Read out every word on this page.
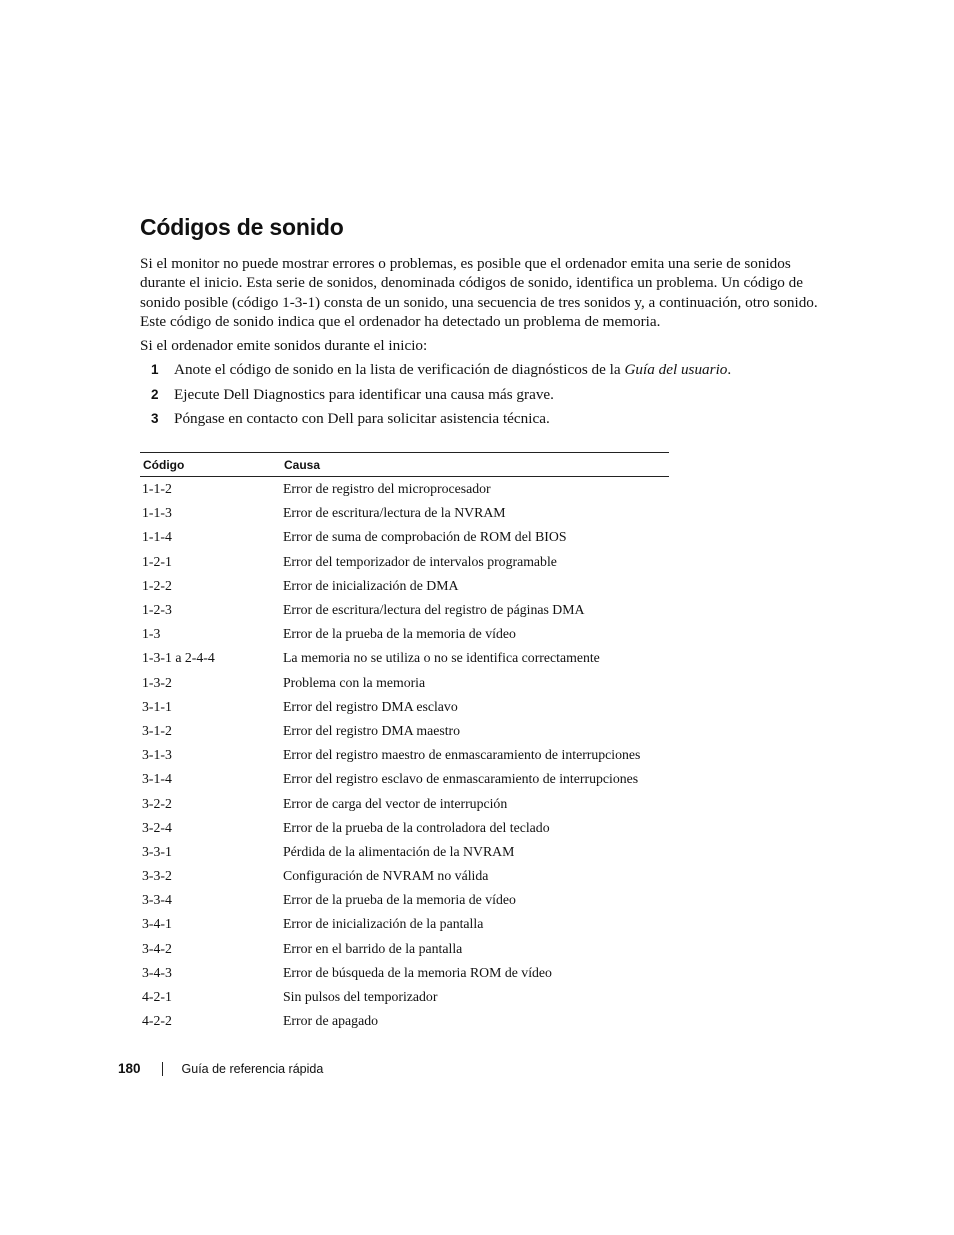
Códigos de sonido

Si el monitor no puede mostrar errores o problemas, es posible que el ordenador emita una serie de sonidos durante el inicio. Esta serie de sonidos, denominada códigos de sonido, identifica un problema. Un código de sonido posible (código 1-3-1) consta de un sonido, una secuencia de tres sonidos y, a continuación, otro sonido. Este código de sonido indica que el ordenador ha detectado un problema de memoria.

Si el ordenador emite sonidos durante el inicio:

1	Anote el código de sonido en la lista de verificación de diagnósticos de la Guía del usuario.
2	Ejecute Dell Diagnostics para identificar una causa más grave.
3	Póngase en contacto con Dell para solicitar asistencia técnica.
Código	Causa
1-1-2	Error de registro del microprocesador
1-1-3	Error de escritura/lectura de la NVRAM
1-1-4	Error de suma de comprobación de ROM del BIOS
1-2-1	Error del temporizador de intervalos programable
1-2-2	Error de inicialización de DMA
1-2-3	Error de escritura/lectura del registro de páginas DMA
1-3	Error de la prueba de la memoria de vídeo
1-3-1 a 2-4-4	La memoria no se utiliza o no se identifica correctamente
1-3-2	Problema con la memoria
3-1-1	Error del registro DMA esclavo
3-1-2	Error del registro DMA maestro
3-1-3	Error del registro maestro de enmascaramiento de interrupciones
3-1-4	Error del registro esclavo de enmascaramiento de interrupciones
3-2-2	Error de carga del vector de interrupción
3-2-4	Error de la prueba de la controladora del teclado
3-3-1	Pérdida de la alimentación de la NVRAM
3-3-2	Configuración de NVRAM no válida
3-3-4	Error de la prueba de la memoria de vídeo
3-4-1	Error de inicialización de la pantalla
3-4-2	Error en el barrido de la pantalla
3-4-3	Error de búsqueda de la memoria ROM de vídeo
4-2-1	Sin pulsos del temporizador
4-2-2	Error de apagado
180	Guía de referencia rápida
